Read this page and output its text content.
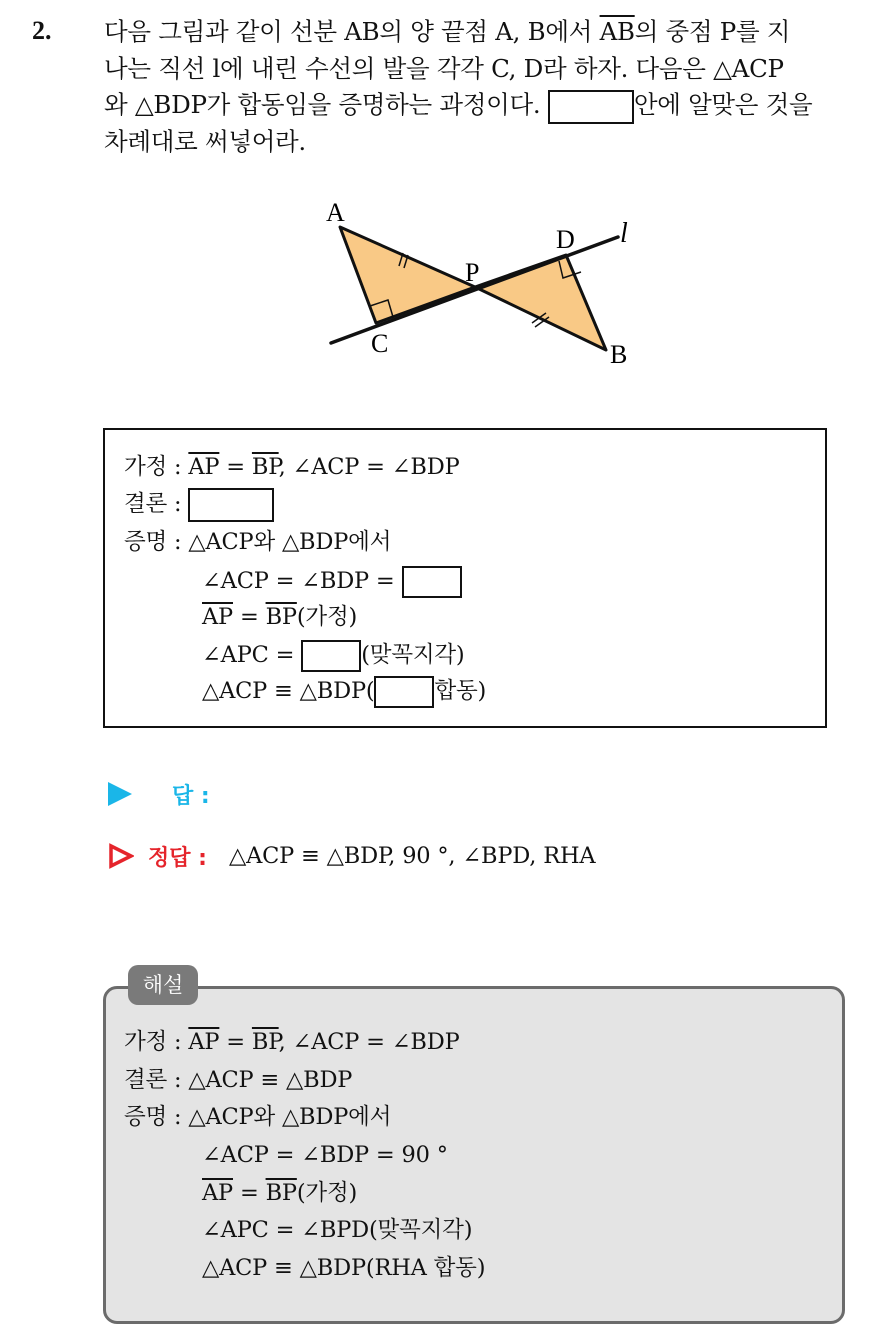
2. 다음 그림과 같이 선분 AB의 양 끝점 A, B에서 $\overline{AB}$의 중점 P를 지
나는 직선 l에 내린 수선의 발을 각각 C, D라 하자. 다음은 △ACP
와 △BDP가 합동임을 증명하는 과정이다.	안에 알맞은 것을
차례대로 써넣어라.
A
C
P
D
B
l
가정 : $\overline{AP} = \overline{BP}$, ∠ACP = ∠BDP
결론 :
증명 : △ACP와 △BDP에서
∠ACP = ∠BDP =
$\overline{AP} = \overline{BP}$(가정)
∠APC =	(맞꼭지각)
△ACP ≡ △BDP(	합동)
답 :
정답 : △ACP ≡ △BDP, 90 °, ∠BPD, RHA
해설
가정 : $\overline{AP} = \overline{BP}$, ∠ACP = ∠BDP
결론 : △ACP ≡ △BDP
증명 : △ACP와 △BDP에서
∠ACP = ∠BDP = 90 °
$\overline{AP} = \overline{BP}$(가정)
∠APC = ∠BPD(맞꼭지각)
△ACP ≡ △BDP(RHA 합동)
